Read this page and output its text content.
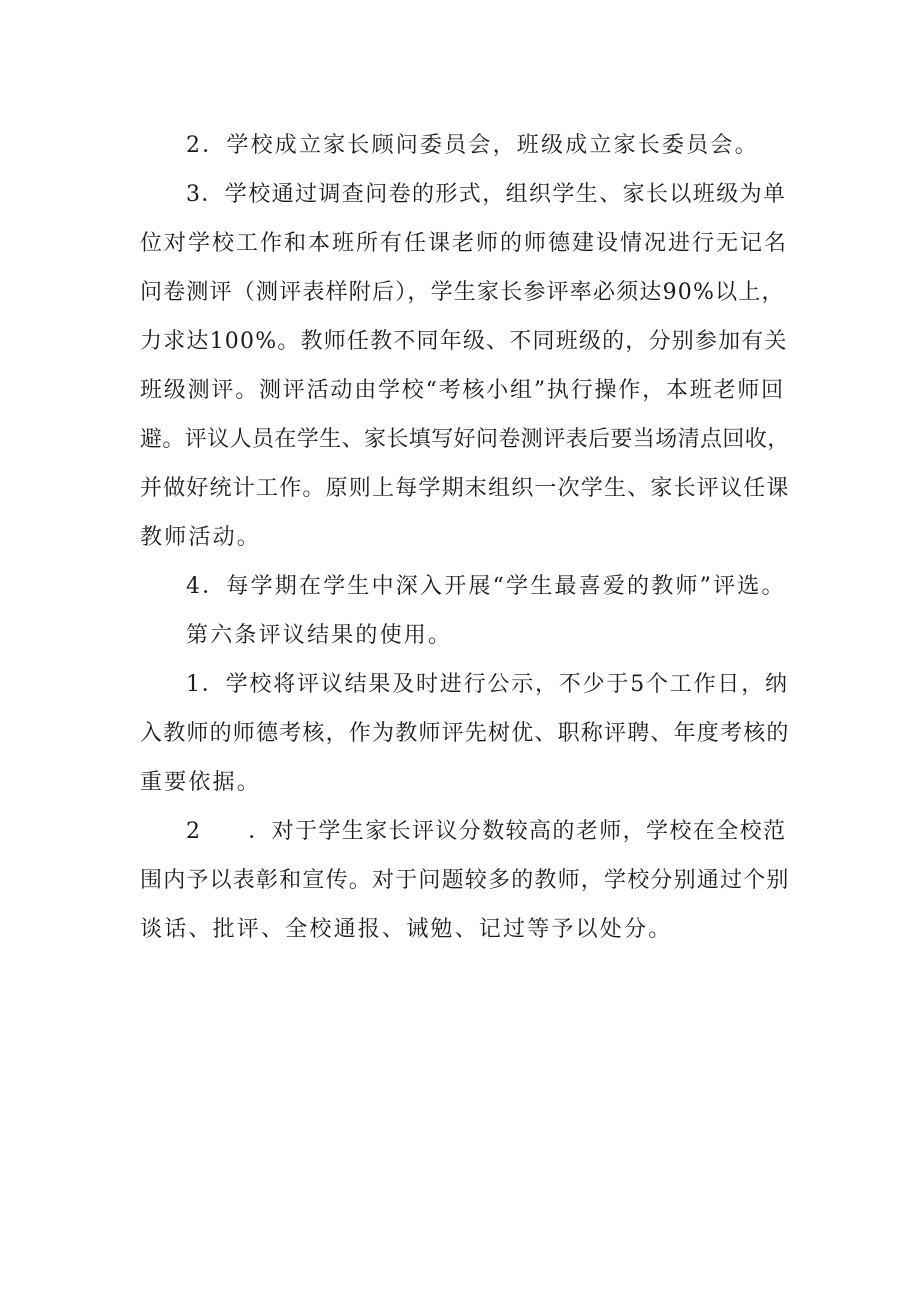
2．学校成立家长顾问委员会，班级成立家长委员会。
3．学校通过调查问卷的形式，组织学生、家长以班级为单
位对学校工作和本班所有任课老师的师德建设情况进行无记名
问卷测评（测评表样附后），学生家长参评率必须达90%以上，
力求达100%。教师任教不同年级、不同班级的，分别参加有关
班级测评。测评活动由学校“考核小组”执行操作，本班老师回
避。评议人员在学生、家长填写好问卷测评表后要当场清点回收，
并做好统计工作。原则上每学期末组织一次学生、家长评议任课
教师活动。
4．每学期在学生中深入开展“学生最喜爱的教师”评选。
第六条评议结果的使用。
1．学校将评议结果及时进行公示，不少于5个工作日，纳
入教师的师德考核，作为教师评先树优、职称评聘、年度考核的
重要依据。
2　　．对于学生家长评议分数较高的老师，学校在全校范
围内予以表彰和宣传。对于问题较多的教师，学校分别通过个别
谈话、批评、全校通报、诫勉、记过等予以处分。
